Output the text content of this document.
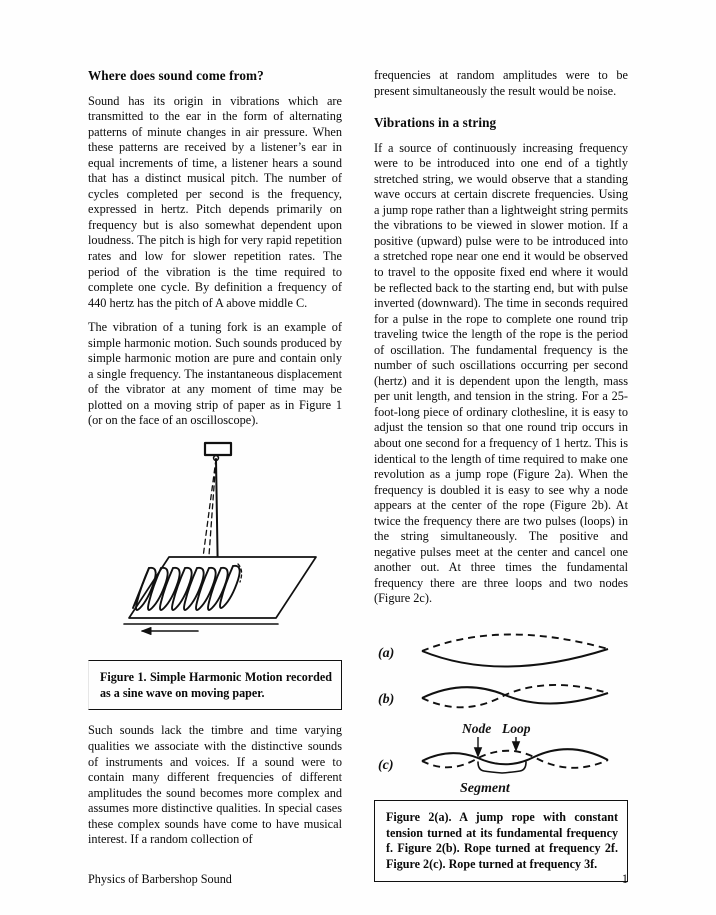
Where does sound come from?

Sound has its origin in vibrations which are transmitted to the ear in the form of alternating patterns of minute changes in air pressure. When these patterns are received by a listener’s ear in equal increments of time, a listener hears a sound that has a distinct musical pitch. The number of cycles completed per second is the frequency, expressed in hertz. Pitch depends primarily on frequency but is also somewhat dependent upon loudness. The pitch is high for very rapid repetition rates and low for slower repetition rates. The period of the vibration is the time required to complete one cycle. By definition a frequency of 440 hertz has the pitch of A above middle C.

The vibration of a tuning fork is an example of simple harmonic motion. Such sounds produced by simple harmonic motion are pure and contain only a single frequency. The instantaneous displacement of the vibrator at any moment of time may be plotted on a moving strip of paper as in Figure 1 (or on the face of an oscilloscope).

Figure 1. Simple Harmonic Motion recorded as a sine wave on moving paper.

Such sounds lack the timbre and time varying qualities we associate with the distinctive sounds of instruments and voices. If a sound were to contain many different frequencies of different amplitudes the sound becomes more complex and assumes more distinctive qualities. In special cases these complex sounds have come to have musical interest. If a random collection of

frequencies at random amplitudes were to be present simultaneously the result would be noise.

Vibrations in a string

If a source of continuously increasing frequency were to be introduced into one end of a tightly stretched string, we would observe that a standing wave occurs at certain discrete frequencies. Using a jump rope rather than a lightweight string permits the vibrations to be viewed in slower motion. If a positive (upward) pulse were to be introduced into a stretched rope near one end it would be observed to travel to the opposite fixed end where it would be reflected back to the starting end, but with pulse inverted (downward). The time in seconds required for a pulse in the rope to complete one round trip traveling twice the length of the rope is the period of oscillation. The fundamental frequency is the number of such oscillations occurring per second (hertz) and it is dependent upon the length, mass per unit length, and tension in the string. For a 25-foot-long piece of ordinary clothesline, it is easy to adjust the tension so that one round trip occurs in about one second for a frequency of 1 hertz. This is identical to the length of time required to make one revolution as a jump rope (Figure 2a). When the frequency is doubled it is easy to see why a node appears at the center of the rope (Figure 2b). At twice the frequency there are two pulses (loops) in the string simultaneously. The positive and negative pulses meet at the center and cancel one another out. At three times the fundamental frequency there are three loops and two nodes (Figure 2c).

(a)
(b)
Node Loop
(c)
Segment

Figure 2(a). A jump rope with constant tension turned at its fundamental frequency f. Figure 2(b). Rope turned at frequency 2f. Figure 2(c). Rope turned at frequency 3f.

Physics of Barbershop Sound	1
